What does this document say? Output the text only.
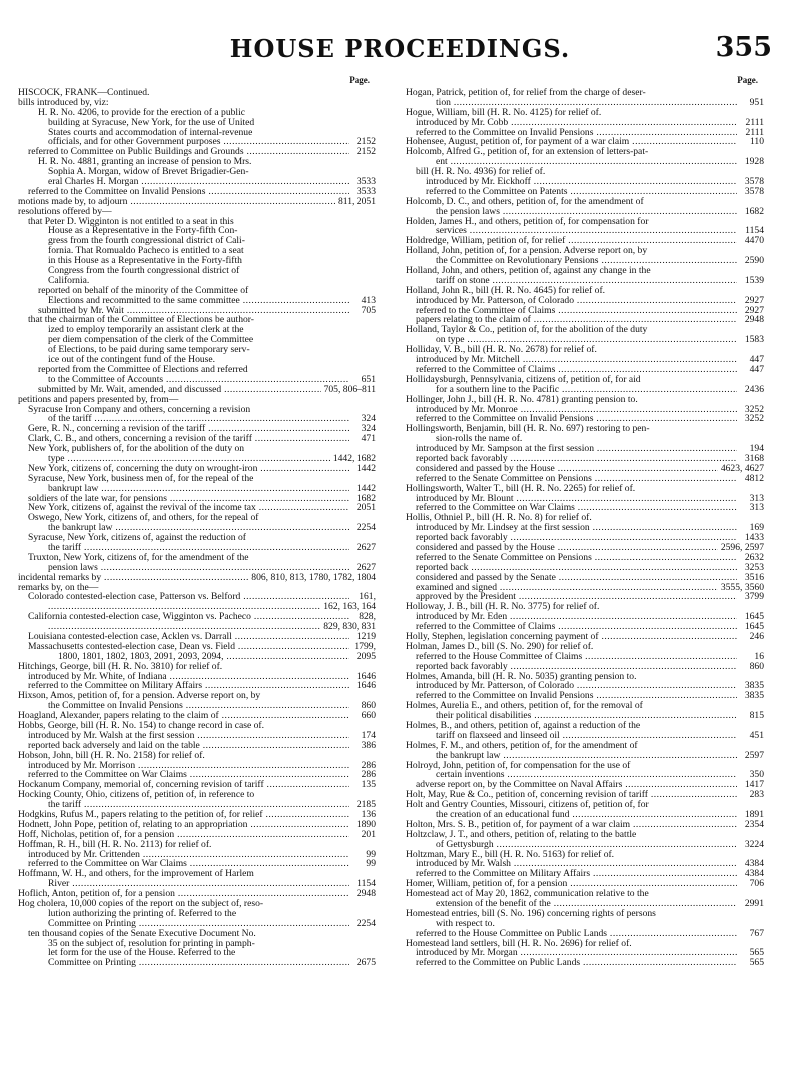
HOUSE PROCEEDINGS.	355
Page.
HISCOCK, FRANK—Continued.
bills introduced by, viz:
H. R. No. 4206, to provide for the erection of a public
building at Syracuse, New York, for the use of United
States courts and accommodation of internal-revenue
officials, and for other Government purposes .....	2152
referred to Committee on Public Buildings and Grounds .....	2152
H. R. No. 4881, granting an increase of pension to Mrs.
Sophia A. Morgan, widow of Brevet Brigadier-Gen-
eral Charles H. Morgan .....	3533
referred to the Committee on Invalid Pensions .....	3533
motions made by, to adjourn .....	811, 2051
resolutions offered by—
that Peter D. Wigginton is not entitled to a seat in this
House as a Representative in the Forty-fifth Con-
gress from the fourth congressional district of Cali-
fornia. That Romualdo Pacheco is entitled to a seat
in this House as a Representative in the Forty-fifth
Congress from the fourth congressional district of
California.
reported on behalf of the minority of the Committee of
Elections and recommitted to the same committee .....	413
submitted by Mr. Wait .....	705
that the chairman of the Committee of Elections be author-
ized to employ temporarily an assistant clerk at the
per diem compensation of the clerk of the Committee
of Elections, to be paid during same temporary serv-
ice out of the contingent fund of the House.
reported from the Committee of Elections and referred
to the Committee of Accounts .....	651
submitted by Mr. Wait, amended, and discussed .....	705, 806–811
petitions and papers presented by, from—
Syracuse Iron Company and others, concerning a revision
of the tariff .....	324
Gere, R. N., concerning a revision of the tariff .....	324
Clark, C. B., and others, concerning a revision of the tariff .....	471
New York, publishers of, for the abolition of the duty on
type .....	1442, 1682
New York, citizens of, concerning the duty on wrought-iron .....	1442
Syracuse, New York, business men of, for the repeal of the
bankrupt law .....	1442
soldiers of the late war, for pensions .....	1682
New York, citizens of, against the revival of the income tax .....	2051
Oswego, New York, citizens of, and others, for the repeal of
the bankrupt law .....	2254
Syracuse, New York, citizens of, against the reduction of
the tariff .....	2627
Truxton, New York, citizens of, for the amendment of the
pension laws .....	2627
incidental remarks by .....	806, 810, 813, 1780, 1782, 1804
remarks by, on the—
Colorado contested-election case, Patterson vs. Belford .....	161,
.....
162, 163, 164
California contested-election case, Wigginton vs. Pacheco .....	828,
.....
829, 830, 831
Louisiana contested-election case, Acklen vs. Darrall .....	1219
Massachusetts contested-election case, Dean vs. Field .....	1799,
1800, 1801, 1802, 1803, 2091, 2093, 2094, .....	2095
Hitchings, George, bill (H. R. No. 3810) for relief of.
introduced by Mr. White, of Indiana .....	1646
referred to the Committee on Military Affairs .....	1646
Hixson, Amos, petition of, for a pension. Adverse report on, by
the Committee on Invalid Pensions .....	860
Hoagland, Alexander, papers relating to the claim of .....	660
Hobbs, George, bill (H. R. No. 154) to change record in case of.
introduced by Mr. Walsh at the first session .....	174
reported back adversely and laid on the table .....	386
Hobson, John, bill (H. R. No. 2158) for relief of.
introduced by Mr. Morrison .....	286
referred to the Committee on War Claims .....	286
Hockanum Company, memorial of, concerning revision of tariff .....	135
Hocking County, Ohio, citizens of, petition of, in reference to
the tariff .....	2185
Hodgkins, Rufus M., papers relating to the petition of, for relief .....	136
Hodnett, John Pope, petition of, relating to an appropriation .....	1890
Hoff, Nicholas, petition of, for a pension .....	201
Hoffman, R. H., bill (H. R. No. 2113) for relief of.
introduced by Mr. Crittenden .....	99
referred to the Committee on War Claims .....	99
Hoffmann, W. H., and others, for the improvement of Harlem
River .....	1154
Hoflich, Anton, petition of, for a pension .....	2948
Hog cholera, 10,000 copies of the report on the subject of, reso-
lution authorizing the printing of. Referred to the
Committee on Printing .....	2254
ten thousand copies of the Senate Executive Document No.
35 on the subject of, resolution for printing in pamph-
let form for the use of the House. Referred to the
Committee on Printing .....	2675
Page.
Hogan, Patrick, petition of, for relief from the charge of deser-
tion .....	951
Hogue, William, bill (H. R. No. 4125) for relief of.
introduced by Mr. Cobb .....	2111
referred to the Committee on Invalid Pensions .....	2111
Hohensee, August, petition of, for payment of a war claim .....	110
Holcomb, Alfred G., petition of, for an extension of letters-pat-
ent .....	1928
bill (H. R. No. 4936) for relief of.
introduced by Mr. Eickhoff .....	3578
referred to the Committee on Patents .....	3578
Holcomb, D. C., and others, petition of, for the amendment of
the pension laws .....	1682
Holden, James H., and others, petition of, for compensation for
services .....	1154
Holdredge, William, petition of, for relief .....	4470
Holland, John, petition of, for a pension. Adverse report on, by
the Committee on Revolutionary Pensions .....	2590
Holland, John, and others, petition of, against any change in the
tariff on stone .....	1539
Holland, John R., bill (H. R. No. 4645) for relief of.
introduced by Mr. Patterson, of Colorado .....	2927
referred to the Committee of Claims .....	2927
papers relating to the claim of .....	2948
Holland, Taylor & Co., petition of, for the abolition of the duty
on type .....	1583
Holliday, V. B., bill (H. R. No. 2678) for relief of.
introduced by Mr. Mitchell .....	447
referred to the Committee of Claims .....	447
Hollidaysburgh, Pennsylvania, citizens of, petition of, for aid
for a southern line to the Pacific .....	2436
Hollinger, John J., bill (H. R. No. 4781) granting pension to.
introduced by Mr. Monroe .....	3252
referred to the Committee on Invalid Pensions .....	3252
Hollingsworth, Benjamin, bill (H. R. No. 697) restoring to pen-
sion-rolls the name of.
introduced by Mr. Sampson at the first session .....	194
reported back favorably .....	3168
considered and passed by the House .....	4623, 4627
referred to the Senate Committee on Pensions .....	4812
Hollingsworth, Walter T., bill (H. R. No. 2265) for relief of.
introduced by Mr. Blount .....	313
referred to the Committee on War Claims .....	313
Hollis, Othniel P., bill (H. R. No. 8) for relief of.
introduced by Mr. Lindsey at the first session .....	169
reported back favorably .....	1433
considered and passed by the House .....	2596, 2597
referred to the Senate Committee on Pensions .....	2632
reported back .....	3253
considered and passed by the Senate .....	3516
examined and signed .....	3555, 3560
approved by the President .....	3799
Holloway, J. B., bill (H. R. No. 3775) for relief of.
introduced by Mr. Eden .....	1645
referred to the Committee of Claims .....	1645
Holly, Stephen, legislation concerning payment of .....	246
Holman, James D., bill (S. No. 290) for relief of.
referred to the House Committee of Claims .....	16
reported back favorably .....	860
Holmes, Amanda, bill (H. R. No. 5035) granting pension to.
introduced by Mr. Patterson, of Colorado .....	3835
referred to the Committee on Invalid Pensions .....	3835
Holmes, Aurelia E., and others, petition of, for the removal of
their political disabilities .....	815
Holmes, B., and others, petition of, against a reduction of the
tariff on flaxseed and linseed oil .....	451
Holmes, F. M., and others, petition of, for the amendment of
the bankrupt law .....	2597
Holroyd, John, petition of, for compensation for the use of
certain inventions .....	350
adverse report on, by the Committee on Naval Affairs .....	1417
Holt, May, Rue & Co., petition of, concerning revision of tariff .....	283
Holt and Gentry Counties, Missouri, citizens of, petition of, for
the creation of an educational fund .....	1891
Holton, Mrs. S. B., petition of, for payment of a war claim .....	2354
Holtzclaw, J. T., and others, petition of, relating to the battle
of Gettysburgh .....	3224
Holtzman, Mary E., bill (H. R. No. 5163) for relief of.
introduced by Mr. Walsh .....	4384
referred to the Committee on Military Affairs .....	4384
Homer, William, petition of, for a pension .....	706
Homestead act of May 20, 1862, communication relative to the
extension of the benefit of the .....	2991
Homestead entries, bill (S. No. 196) concerning rights of persons
with respect to.
referred to the House Committee on Public Lands .....	767
Homestead land settlers, bill (H. R. No. 2696) for relief of.
introduced by Mr. Morgan .....	565
referred to the Committee on Public Lands .....	565
